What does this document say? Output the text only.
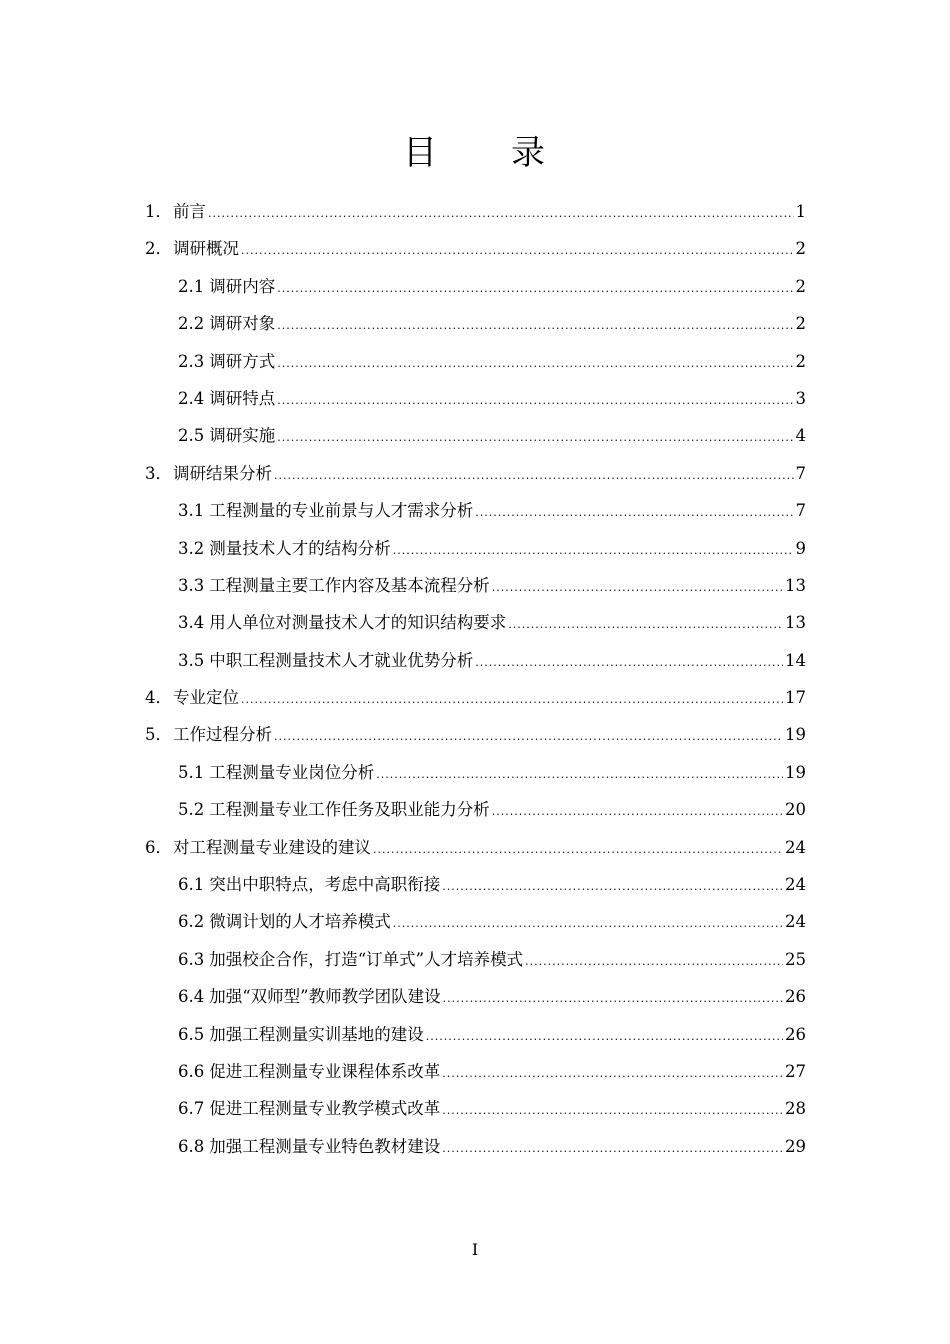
目　　录
1． 前言 .....	1
2． 调研概况 .....	2
2.1 调研内容 .....	2
2.2 调研对象 .....	2
2.3 调研方式 .....	2
2.4 调研特点 .....	3
2.5 调研实施 .....	4
3． 调研结果分析 .....	7
3.1 工程测量的专业前景与人才需求分析 .....	7
3.2 测量技术人才的结构分析 .....	9
3.3 工程测量主要工作内容及基本流程分析 .....	13
3.4 用人单位对测量技术人才的知识结构要求 .....	13
3.5 中职工程测量技术人才就业优势分析 .....	14
4． 专业定位 .....	17
5． 工作过程分析 .....	19
5.1 工程测量专业岗位分析 .....	19
5.2 工程测量专业工作任务及职业能力分析 .....	20
6． 对工程测量专业建设的建议 .....	24
6.1 突出中职特点，考虑中高职衔接 .....	24
6.2 微调计划的人才培养模式 .....	24
6.3 加强校企合作，打造“订单式”人才培养模式 .....	25
6.4 加强“双师型”教师教学团队建设 .....	26
6.5 加强工程测量实训基地的建设 .....	26
6.6 促进工程测量专业课程体系改革 .....	27
6.7 促进工程测量专业教学模式改革 .....	28
6.8 加强工程测量专业特色教材建设 .....	29
I
